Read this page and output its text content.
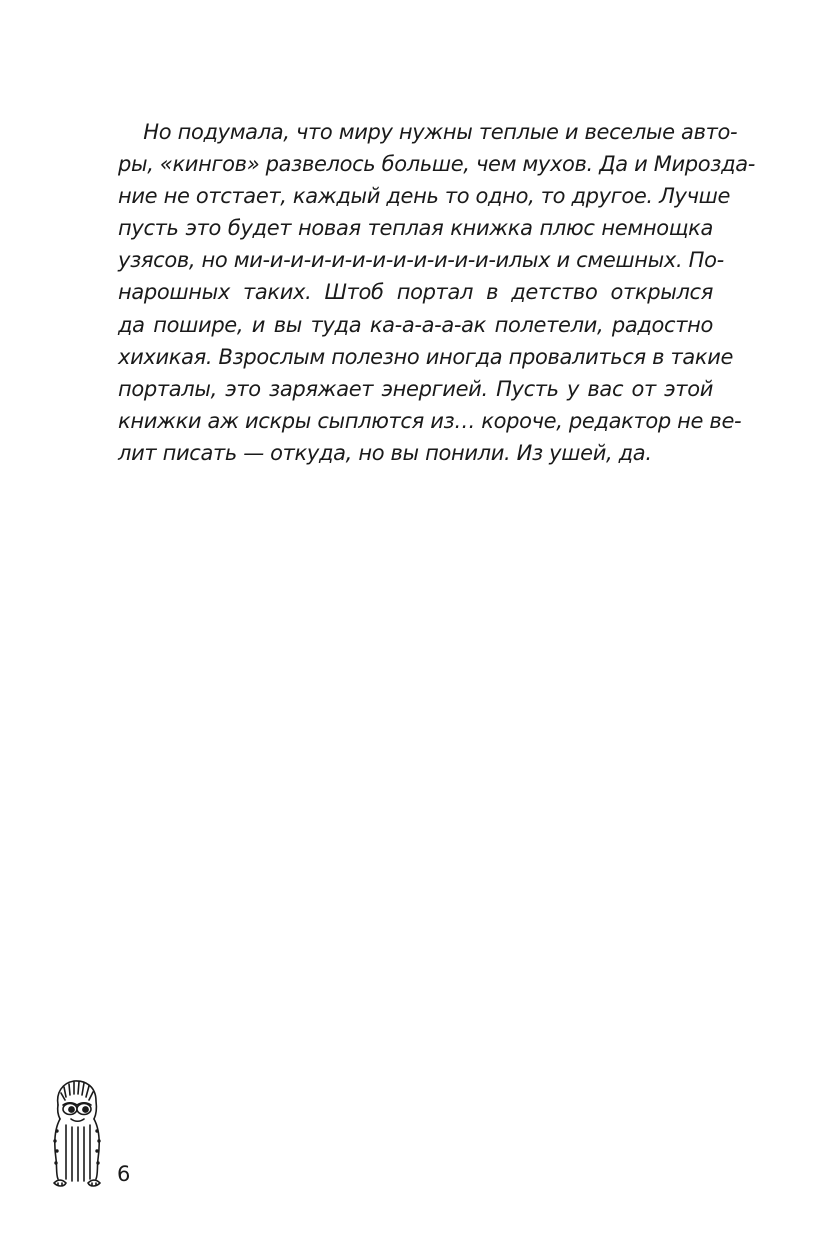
Но подумала, что миру нужны теплые и веселые авто-
ры, «кингов» развелось больше, чем мухов. Да и Мирозда-
ние не отстает, каждый день то одно, то другое. Лучше
пусть это будет новая теплая книжка плюс немнощка
узясов, но ми-и-и-и-и-и-и-и-и-и-и-и-илых и смешных. По-
нарошных таких. Штоб портал в детство открылся
да пошире, и вы туда ка-а-а-а-ак полетели, радостно
хихикая. Взрослым полезно иногда провалиться в такие
порталы, это заряжает энергией. Пусть у вас от этой
книжки аж искры сыплются из… короче, редактор не ве-
лит писать — откуда, но вы понили. Из ушей, да.
6
